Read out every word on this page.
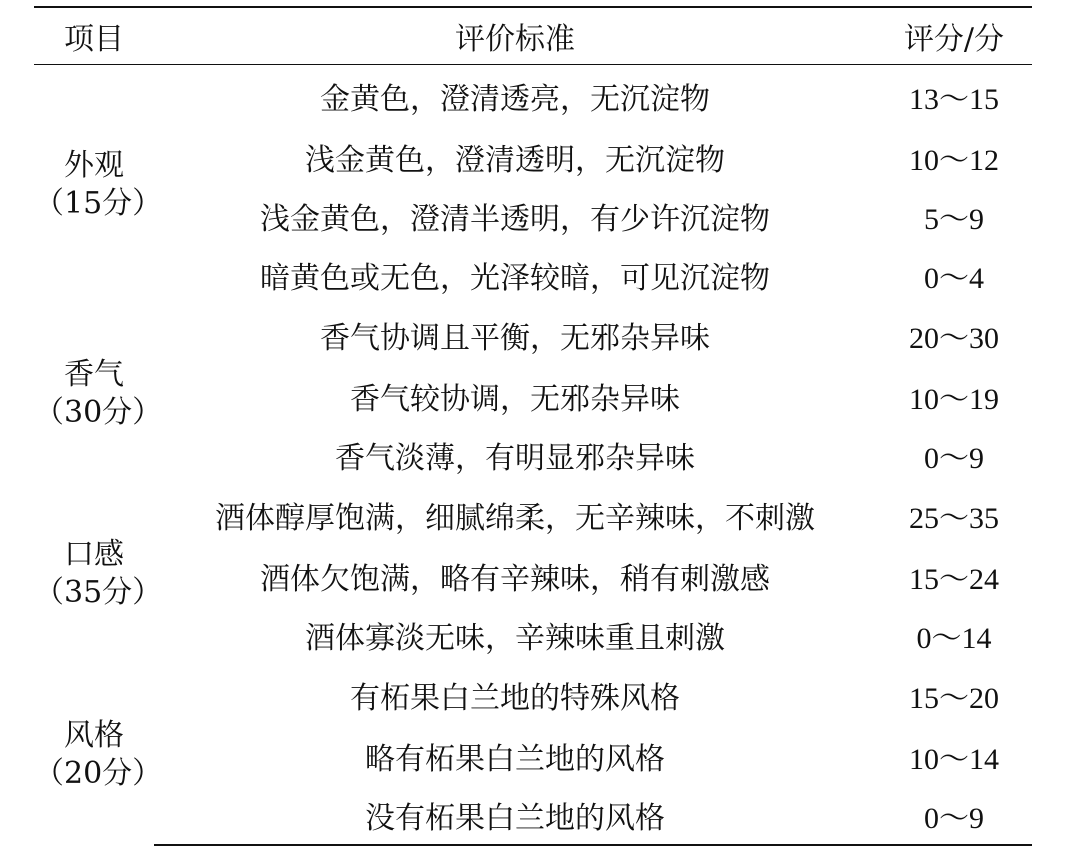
项目	评价标准	评分/分

外观
（15分）	金黄色，澄清透亮，无沉淀物	13～15
	浅金黄色，澄清透明，无沉淀物	10～12
	浅金黄色，澄清半透明，有少许沉淀物	5～9
	暗黄色或无色，光泽较暗，可见沉淀物	0～4

香气
（30分）	香气协调且平衡，无邪杂异味	20～30
	香气较协调，无邪杂异味	10～19
	香气淡薄，有明显邪杂异味	0～9

口感
（35分）	酒体醇厚饱满，细腻绵柔，无辛辣味，不刺激	25～35
	酒体欠饱满，略有辛辣味，稍有刺激感	15～24
	酒体寡淡无味，辛辣味重且刺激	0～14

风格
（20分）	有柘果白兰地的特殊风格	15～20
	略有柘果白兰地的风格	10～14
	没有柘果白兰地的风格	0～9
